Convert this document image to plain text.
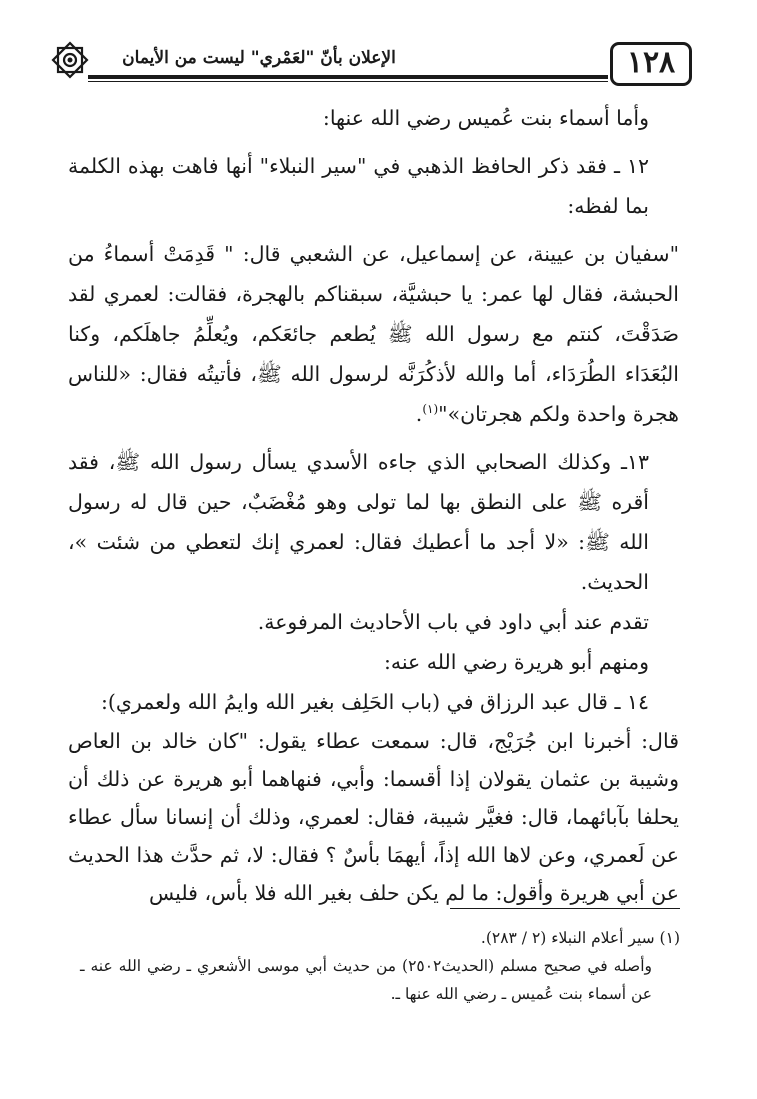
الإعلان بأنّ "لعَمْري" ليست من الأيمان	١٢٨

وأما أسماء بنت عُميس رضي الله عنها:

١٢ ـ فقد ذكر الحافظ الذهبي في "سير النبلاء" أنها فاهت بهذه الكلمة بما لفظه:

"سفيان بن عيينة، عن إسماعيل، عن الشعبي قال: " قَدِمَتْ أسماءُ من الحبشة، فقال لها عمر: يا حبشيَّة، سبقناكم بالهجرة، فقالت: لعمري لقد صَدَقْتَ، كنتم مع رسول الله ﷺ يُطعم جائعَكم، ويُعلِّمُ جاهلَكم، وكنا البُعَدَاء الطُرَدَاء، أما والله لأذكُرَنَّه لرسول الله ﷺ، فأتيتُه فقال: «للناس هجرة واحدة ولكم هجرتان»"$^{(١)}$.

١٣ـ وكذلك الصحابي الذي جاءه الأسدي يسأل رسول الله ﷺ، فقد أقره ﷺ على النطق بها لما تولى وهو مُغْضَبٌ، حين قال له رسول الله ﷺ: «لا أجد ما أعطيك فقال: لعمري إنك لتعطي من شئت »، الحديث.

تقدم عند أبي داود في باب الأحاديث المرفوعة.

ومنهم أبو هريرة رضي الله عنه:

١٤ ـ قال عبد الرزاق في (باب الحَلِف بغير الله وايمُ الله ولعمري):

قال: أخبرنا ابن جُرَيْج، قال: سمعت عطاء يقول: "كان خالد بن العاص وشيبة بن عثمان يقولان إذا أقسما: وأبي، فنهاهما أبو هريرة عن ذلك أن يحلفا بآبائهما، قال: فغيَّر شيبة، فقال: لعمري، وذلك أن إنسانا سأل عطاء عن لَعمري، وعن لاها الله إذاً، أيهمَا بأسٌ ؟ فقال: لا، ثم حدَّث هذا الحديث عن أبي هريرة وأقول: ما لم يكن حلف بغير الله فلا بأس، فليس

(١) سير أعلام النبلاء (٢ / ٢٨٣).

وأصله في صحيح مسلم (الحديث٢٥٠٢) من حديث أبي موسى الأشعري ـ رضي الله عنه ـ عن أسماء بنت عُميس ـ رضي الله عنها ـ.
